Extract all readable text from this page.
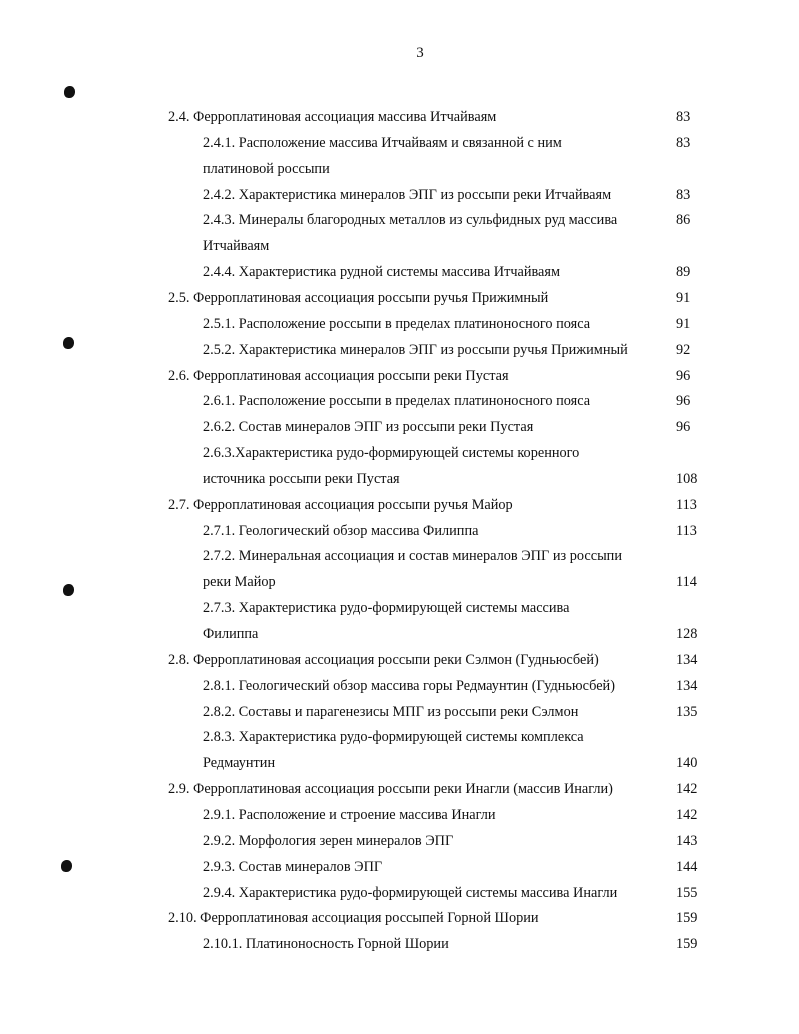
3
2.4. Ферроплатиновая ассоциация массива Итчайваям	83
2.4.1. Расположение массива Итчайваям и связанной с ним	83
платиновой россыпи
2.4.2. Характеристика минералов ЭПГ из россыпи реки Итчайваям	83
2.4.3. Минералы благородных металлов из сульфидных руд массива	86
Итчайваям
2.4.4. Характеристика рудной системы массива Итчайваям	89
2.5. Ферроплатиновая ассоциация россыпи ручья Прижимный	91
2.5.1. Расположение россыпи в пределах платиноносного пояса	91
2.5.2. Характеристика минералов ЭПГ из россыпи ручья Прижимный	92
2.6. Ферроплатиновая ассоциация россыпи реки Пустая	96
2.6.1. Расположение россыпи в пределах платиноносного пояса	96
2.6.2. Состав минералов ЭПГ из россыпи реки Пустая	96
2.6.3.Характеристика рудо-формирующей системы коренного
источника россыпи реки Пустая	108
2.7. Ферроплатиновая ассоциация россыпи ручья Майор	113
2.7.1. Геологический обзор массива Филиппа	113
2.7.2. Минеральная ассоциация и состав минералов ЭПГ из россыпи
реки Майор	114
2.7.3. Характеристика рудо-формирующей системы массива
Филиппа	128
2.8. Ферроплатиновая ассоциация россыпи реки Сэлмон (Гудньюсбей)	134
2.8.1. Геологический обзор массива горы Редмаунтин (Гудньюсбей)	134
2.8.2. Составы и парагенезисы МПГ из россыпи реки Сэлмон	135
2.8.3. Характеристика рудо-формирующей системы комплекса
Редмаунтин	140
2.9. Ферроплатиновая ассоциация россыпи реки Инагли (массив Инагли)	142
2.9.1. Расположение и строение массива Инагли	142
2.9.2. Морфология зерен минералов ЭПГ	143
2.9.3. Состав минералов ЭПГ	144
2.9.4. Характеристика рудо-формирующей системы массива Инагли	155
2.10. Ферроплатиновая ассоциация россыпей Горной Шории	159
2.10.1. Платиноносность Горной Шории	159
